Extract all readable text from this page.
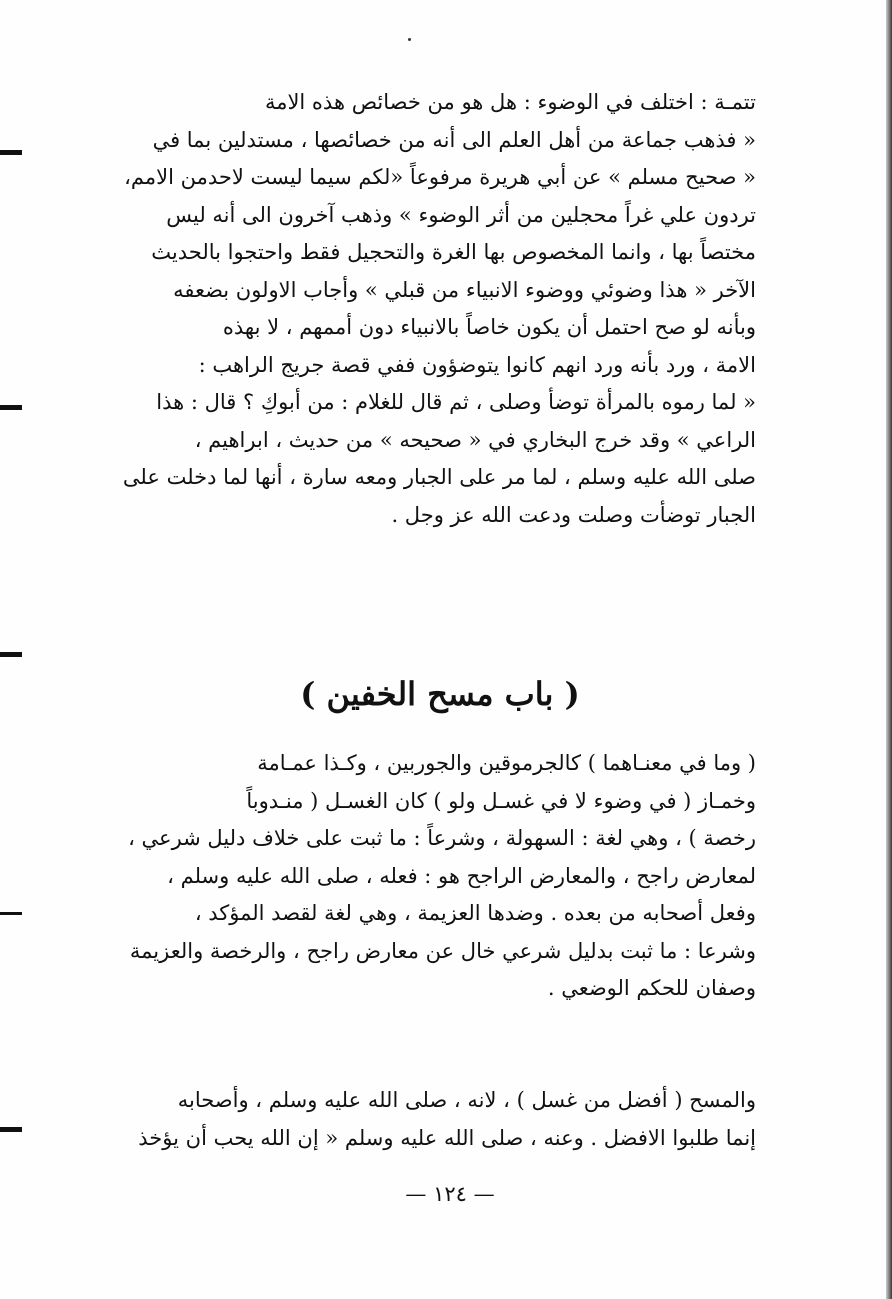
تتمـة : اختلف في الوضوء : هل هو من خصائص هذه الامة
« فذهب جماعة من أهل العلم الى أنه من خصائصها ، مستدلين بما في
« صحيح مسلم » عن أبي هريرة مرفوعاً «لكم سيما ليست لاحدمن الامم،
تردون علي غراً محجلين من أثر الوضوء » وذهب آخرون الى أنه ليس
مختصاً بها ، وانما المخصوص بها الغرة والتحجيل فقط واحتجوا بالحديث
الآخر « هذا وضوئي ووضوء الانبياء من قبلي » وأجاب الاولون بضعفه
وبأنه لو صح احتمل أن يكون خاصاً بالانبياء دون أممهم ، لا بهذه
الامة ، ورد بأنه ورد انهم كانوا يتوضؤون ففي قصة جريج الراهب :
« لما رموه بالمرأة توضأ وصلى ، ثم قال للغلام : من أبوكِ ؟ قال : هذا
الراعي » وقد خرج البخاري في « صحيحه » من حديث ، ابراهيم ،
صلى الله عليه وسلم ، لما مر على الجبار ومعه سارة ، أنها لما دخلت على
الجبار توضأت وصلت ودعت الله عز وجل .
( باب مسح الخفين )
( وما في معنـاهما ) كالجرموقين والجوربين ، وكـذا عمـامة
وخمـاز ( في وضوء لا في غسـل ولو ) كان الغسـل ( منـدوباً
رخصة ) ، وهي لغة : السهولة ، وشرعاً : ما ثبت على خلاف دليل شرعي ،
لمعارض راجح ، والمعارض الراجح هو : فعله ، صلى الله عليه وسلم ،
وفعل أصحابه من بعده . وضدها العزيمة ، وهي لغة لقصد المؤكد ،
وشرعا : ما ثبت بدليل شرعي خال عن معارض راجح ، والرخصة والعزيمة
وصفان للحكم الوضعي .
والمسح ( أفضل من غسل ) ، لانه ، صلى الله عليه وسلم ، وأصحابه
إنما طلبوا الافضل . وعنه ، صلى الله عليه وسلم « إن الله يحب أن يؤخذ
— ١٢٤ —
